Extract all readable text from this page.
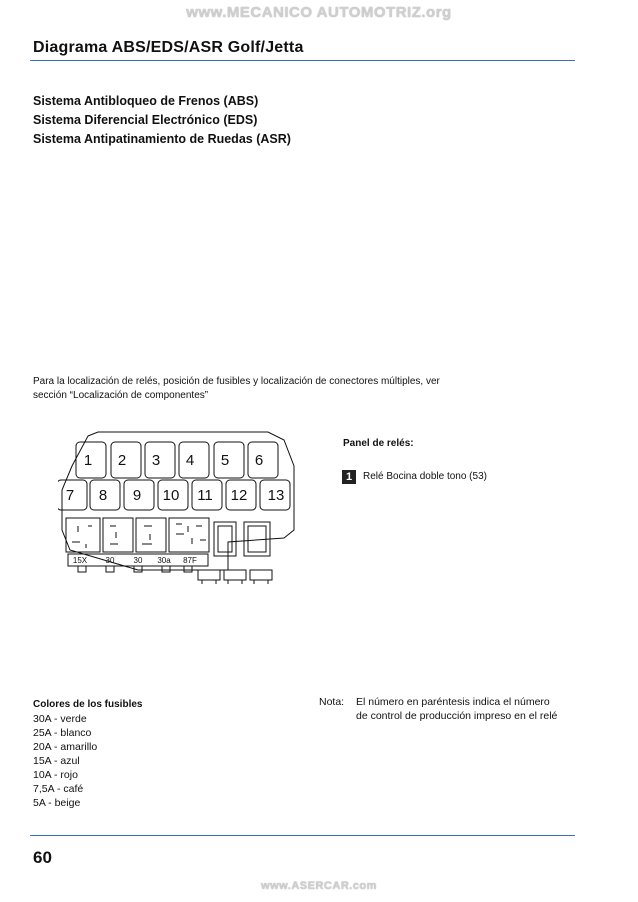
www.MECANICO AUTOMOTRIZ.org
Diagrama ABS/EDS/ASR Golf/Jetta
Sistema Antibloqueo de Frenos (ABS)
Sistema Diferencial Electrónico (EDS)
Sistema Antipatinamiento de Ruedas (ASR)
Para la localización de relés, posición de fusibles y localización de conectores múltiples, ver
sección “Localización de componentes”
1 2 3 4 5 6
7 8 9 10 11 12 13
15X 30 30 30a 87F
Panel de relés:
1	Relé Bocina doble tono (53)
Colores de los fusibles
30A - verde
25A - blanco
20A - amarillo
15A - azul
10A - rojo
7,5A - café
5A - beige
Nota: El número en paréntesis indica el número
de control de producción impreso en el relé
60
www.ASERCAR.com
